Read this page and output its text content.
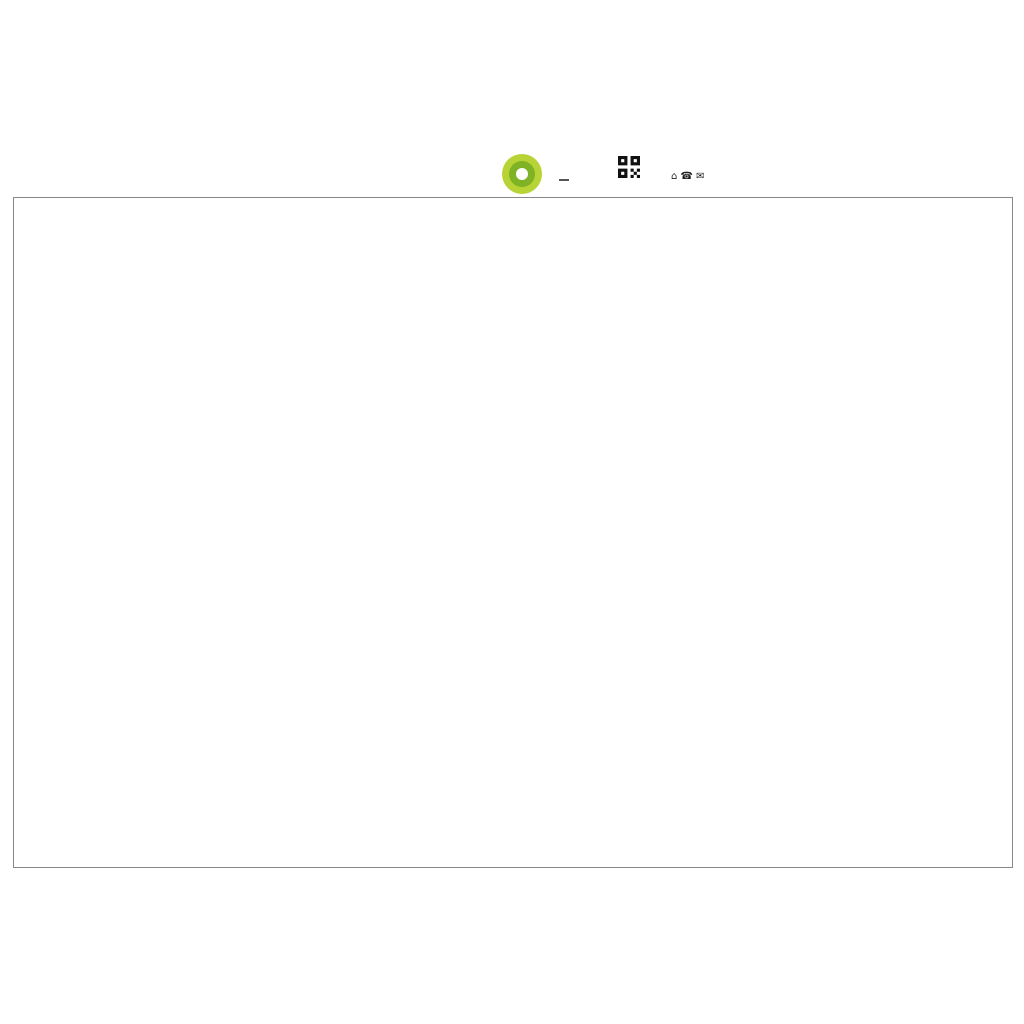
⌂ ☎ ✉
